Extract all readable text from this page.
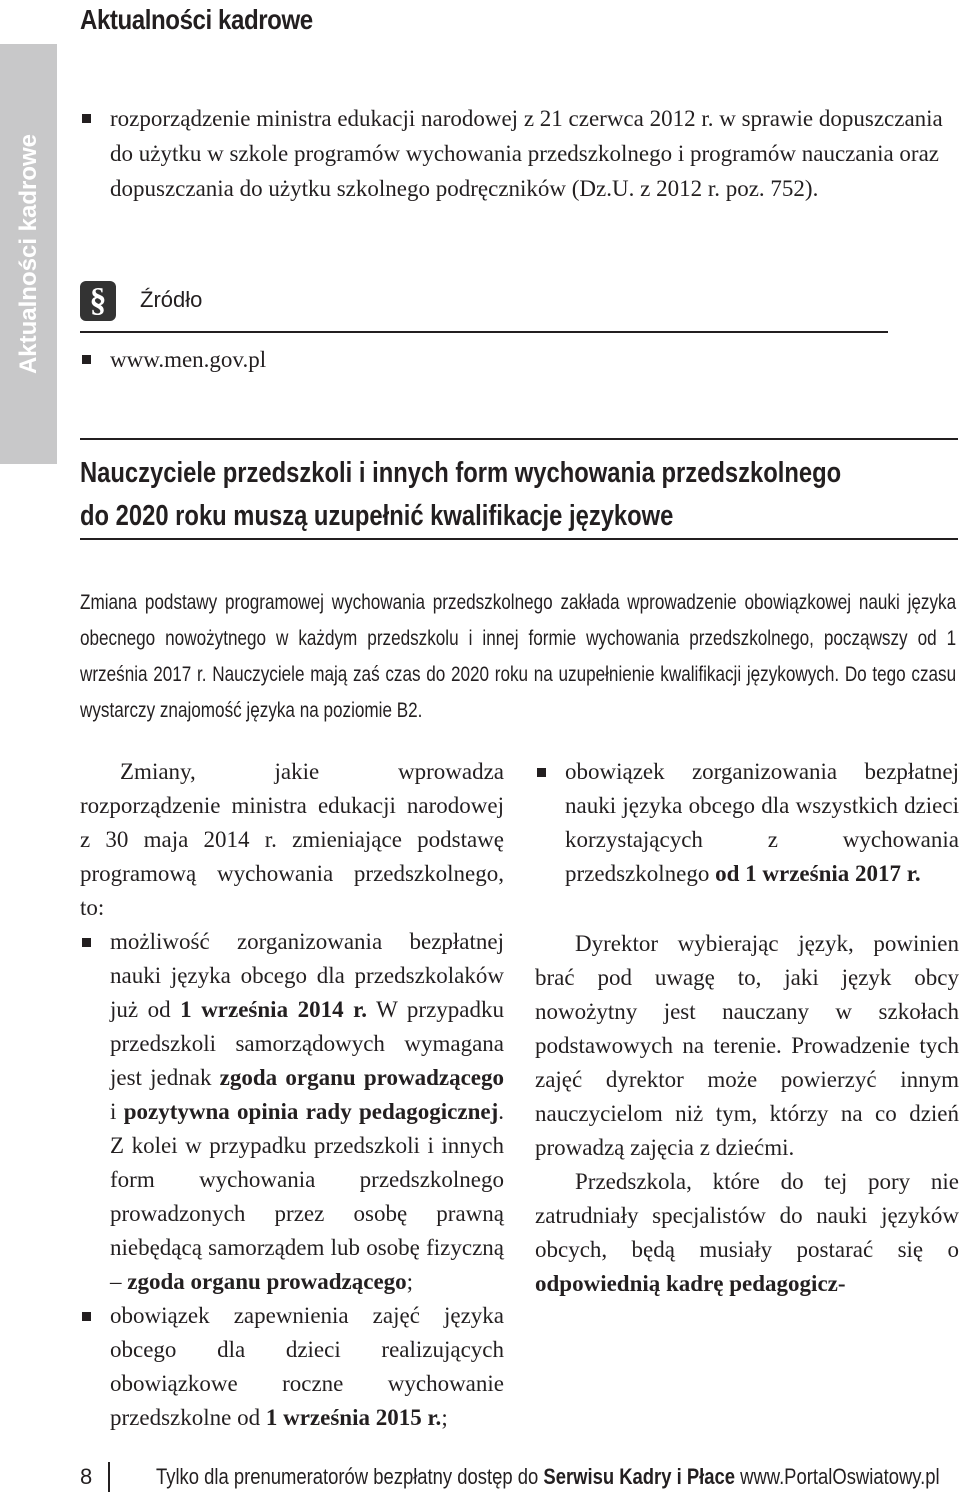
Aktualności kadrowe
Aktualności kadrowe
rozporządzenie ministra edukacji narodowej z 21 czerwca 2012 r. w sprawie dopuszczania do użytku w szkole programów wychowania przedszkolnego i programów nauczania oraz dopuszczania do użytku szkolnego podręczników (Dz.U. z 2012 r. poz. 752).
§	Źródło
www.men.gov.pl
Nauczyciele przedszkoli i innych form wychowania przedszkolnego
do 2020 roku muszą uzupełnić kwalifikacje językowe
Zmiana podstawy programowej wychowania przedszkolnego zakłada wprowadzenie obowiązkowej nauki języka obecnego nowożytnego w każdym przedszkolu i innej formie wychowania przedszkolnego, począwszy od 1 września 2017 r. Nauczyciele mają zaś czas do 2020 roku na uzupełnienie kwalifikacji językowych. Do tego czasu wystarczy znajomość języka na poziomie B2.

Zmiany, jakie wprowadza rozporządzenie ministra edukacji narodowej z 30 maja 2014 r. zmieniające podstawę programową wychowania przedszkolnego, to:

możliwość zorganizowania bezpłatnej nauki języka obcego dla przedszkolaków już od 1 września 2014 r. W przypadku przedszkoli samorządowych wymagana jest jednak zgoda organu prowadzącego i pozytywna opinia rady pedagogicznej. Z kolei w przypadku przedszkoli i innych form wychowania przedszkolnego prowadzonych przez osobę prawną niebędącą samorządem lub osobę fizyczną – zgoda organu prowadzącego;
obowiązek zapewnienia zajęć języka obcego dla dzieci realizujących obowiązkowe roczne wychowanie przedszkolne od 1 września 2015 r.;
obowiązek zorganizowania bezpłatnej nauki języka obcego dla wszystkich dzieci korzystających z wychowania przedszkolnego od 1 września 2017 r.

Dyrektor wybierając język, powinien brać pod uwagę to, jaki język obcy nowożytny jest nauczany w szkołach podstawowych na terenie. Prowadzenie tych zajęć dyrektor może powierzyć innym nauczycielom niż tym, którzy na co dzień prowadzą zajęcia z dziećmi.

Przedszkola, które do tej pory nie zatrudniały specjalistów do nauki języków obcych, będą musiały postarać się o odpowiednią kadrę pedagogicz-

8	Tylko dla prenumeratorów bezpłatny dostęp do Serwisu Kadry i Płace www.PortalOswiatowy.pl
